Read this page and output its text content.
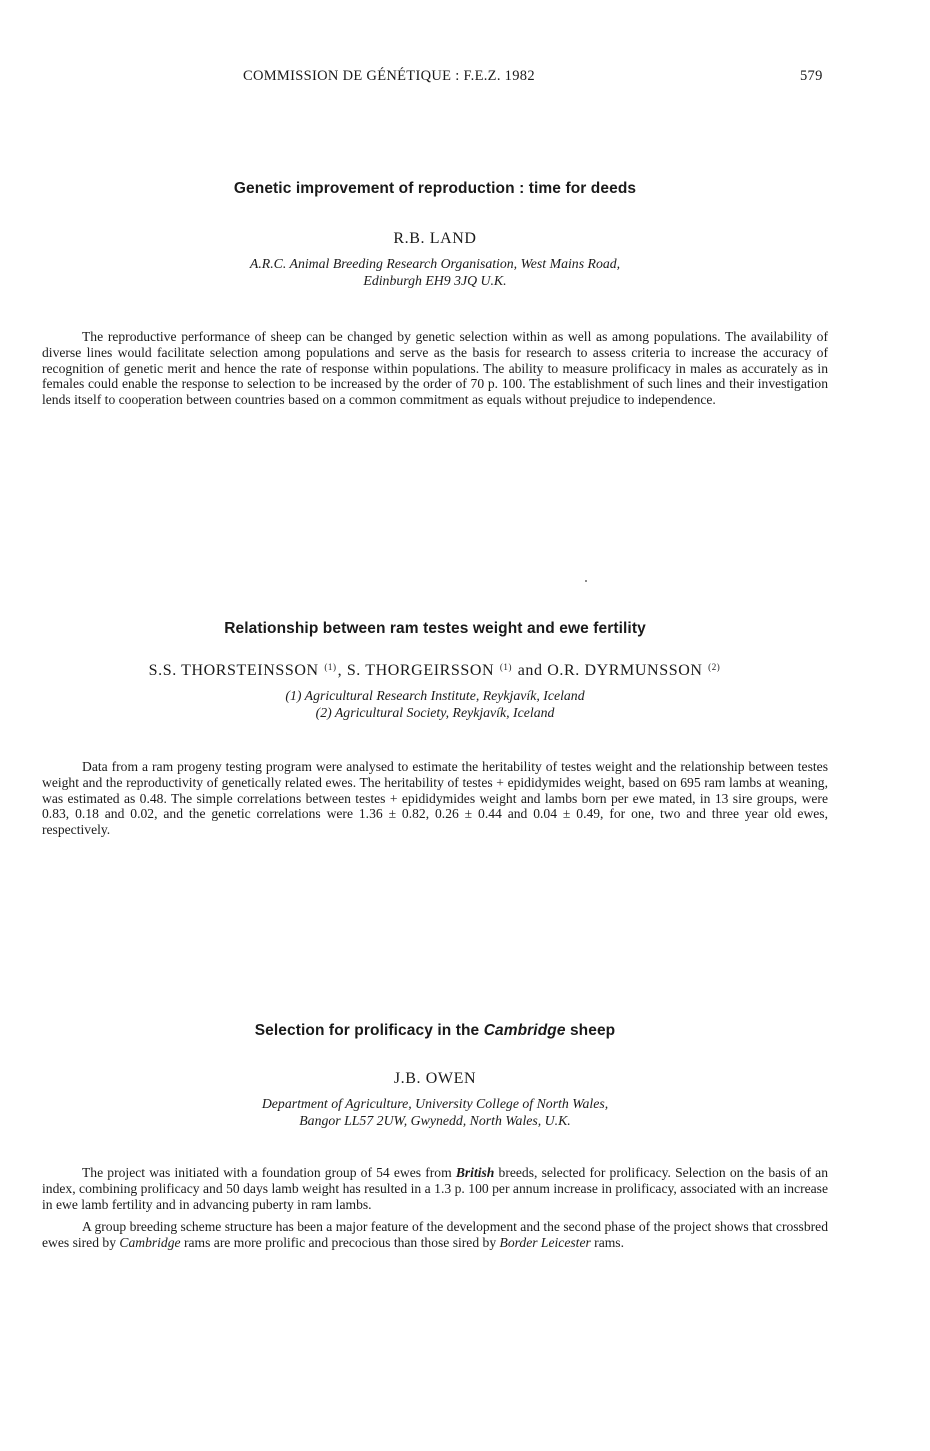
COMMISSION DE GÉNÉTIQUE : F.E.Z. 1982	579
Genetic improvement of reproduction : time for deeds
R.B. LAND
A.R.C. Animal Breeding Research Organisation, West Mains Road,
Edinburgh EH9 3JQ U.K.

The reproductive performance of sheep can be changed by genetic selection within as well as among populations. The availability of diverse lines would facilitate selection among populations and serve as the basis for research to assess criteria to increase the accuracy of recognition of genetic merit and hence the rate of response within populations. The ability to measure prolificacy in males as accurately as in females could enable the response to selection to be increased by the order of 70 p. 100. The establishment of such lines and their investigation lends itself to cooperation between countries based on a common commitment as equals without prejudice to independence.

Relationship between ram testes weight and ewe fertility
S.S. THORSTEINSSON $^{(1)}$, S. THORGEIRSSON $^{(1)}$ and O.R. DYRMUNSSON $^{(2)}$
(1) Agricultural Research Institute, Reykjavík, Iceland
(2) Agricultural Society, Reykjavík, Iceland

Data from a ram progeny testing program were analysed to estimate the heritability of testes weight and the relationship between testes weight and the reproductivity of genetically related ewes. The heritability of testes + epididymides weight, based on 695 ram lambs at weaning, was estimated as 0.48. The simple correlations between testes + epididymides weight and lambs born per ewe mated, in 13 sire groups, were 0.83, 0.18 and 0.02, and the genetic correlations were 1.36 ± 0.82, 0.26 ± 0.44 and 0.04 ± 0.49, for one, two and three year old ewes, respectively.

Selection for prolificacy in the Cambridge sheep
J.B. OWEN
Department of Agriculture, University College of North Wales,
Bangor LL57 2UW, Gwynedd, North Wales, U.K.

The project was initiated with a foundation group of 54 ewes from British breeds, selected for prolificacy. Selection on the basis of an index, combining prolificacy and 50 days lamb weight has resulted in a 1.3 p. 100 per annum increase in prolificacy, associated with an increase in ewe lamb fertility and in advancing puberty in ram lambs.

A group breeding scheme structure has been a major feature of the development and the second phase of the project shows that crossbred ewes sired by Cambridge rams are more prolific and precocious than those sired by Border Leicester rams.
